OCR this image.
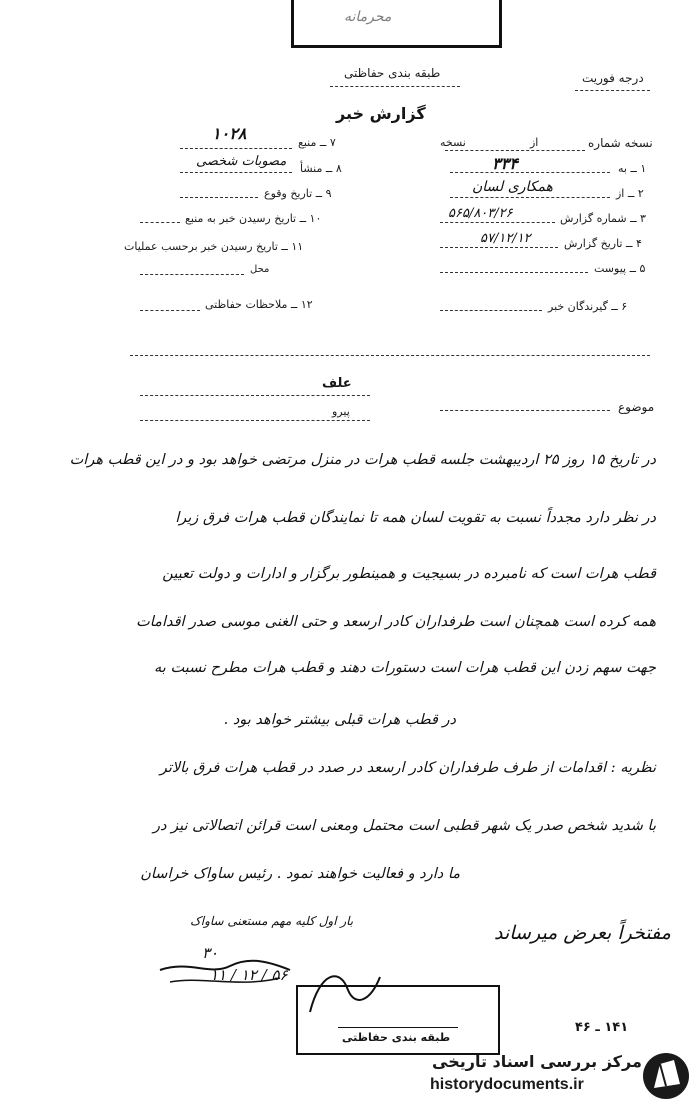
محرمانه
طبقه بندی حفاظتی	درجه فوریت
گزارش خبر
نسخه شماره
از
نسخه
۱ ــ به
۳۳۴
۲ ــ از
همکاری لسان
۳ ــ شماره گزارش
۵۶۵/۸۰۳/۲۶
۴ ــ تاریخ گزارش
۵۷/۱۲/۱۲
۵ ــ پیوست
۶ ــ گیرندگان خبر
۷ ــ منبع
۱۰۲۸
۸ ــ منشأ
مصوبات شخصی
۹ ــ تاریخ وقوع
۱۰ ــ تاریخ رسیدن خبر به منبع
۱۱ ــ تاریخ رسیدن خبر برحسب عملیات
محل
۱۲ ــ ملاحظات حفاظتی
موضوع
علف
پیرو
در تاریخ ۱۵ روز ۲۵ اردیبهشت جلسه قطب هرات در منزل مرتضی خواهد بود و در این قطب هرات
در نظر دارد مجدداً نسبت به تقویت لسان همه تا نمایندگان قطب هرات فرق زیرا
قطب هرات است که نامبرده در بسیجیت و همینطور برگزار و ادارات و دولت تعیین
همه کرده است همچنان است طرفداران کادر ارسعد و حتی الغنی موسی صدر اقدامات
جهت سهم زدن این قطب هرات است دستورات دهند و قطب هرات مطرح نسبت به
در قطب هرات قبلی بیشتر خواهد بود .
نظریه : اقدامات از طرف طرفداران کادر ارسعد در صدد در قطب هرات فرق بالاتر
با شدید شخص صدر یک شهر قطبی است محتمل ومعنی است قرائن اتصالاتی نیز در
ما دارد و فعالیت خواهند نمود . رئیس ساواک خراسان
بار اول کلیه مهم مستعنی ساواک
مفتخراً بعرض میرساند
۳۰
۱۱ / ۱۲ / ۵۶
طبقه بندی حفاظتی
۱۴۱ ـ ۴۶
مرکز بررسی اسناد تاریخی
historydocuments.ir
